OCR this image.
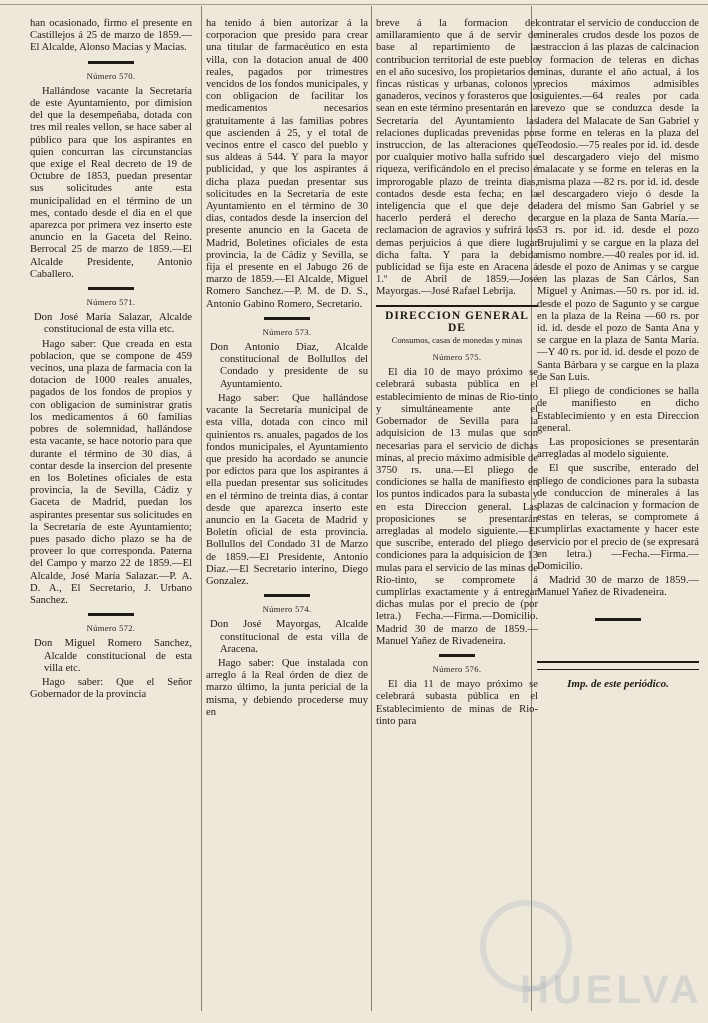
han ocasionado, firmo el presente en Castillejos á 25 de marzo de 1859.—El Alcalde, Alonso Macias y Macias.

Número 570.

Hallándose vacante la Secretaría de este Ayuntamiento, por dimision del que la desempeñaba, dotada con tres mil reales vellon, se hace saber al público para que los aspirantes en quien concurran las circunstancias que exige el Real decreto de 19 de Octubre de 1853, puedan presentar sus solicitudes ante esta municipalidad en el término de un mes, contado desde el dia en el que aparezca por primera vez inserto este anuncio en la Gaceta del Reino. Berrocal 25 de marzo de 1859.—El Alcalde Presidente, Antonio Caballero.

Número 571.

Don José María Salazar, Alcalde constitucional de esta villa etc.

Hago saber: Que creada en esta poblacion, que se compone de 459 vecinos, una plaza de farmacia con la dotacion de 1000 reales anuales, pagados de los fondos de propios y con obligacion de suministrar gratis los medicamentos á 60 familias pobres de solemnidad, hallándose esta vacante, se hace notorio para que durante el término de 30 dias, á contar desde la insercion del presente en los Boletines oficiales de esta provincia, la de Sevilla, Cádiz y Gaceta de Madrid, puedan los aspirantes presentar sus solicitudes en la Secretaría de este Ayuntamiento; pues pasado dicho plazo se ha de proveer lo que corresponda. Paterna del Campo y marzo 22 de 1859.—El Alcalde, José María Salazar.—P. A. D. A., El Secretario, J. Urbano Sanchez.

Número 572.

Don Miguel Romero Sanchez, Alcalde constitucional de esta villa etc.

Hago saber: Que el Señor Gobernador de la provincia

ha tenido á bien autorizar á la corporacion que presido para crear una titular de farmacéutico en esta villa, con la dotacion anual de 400 reales, pagados por trimestres vencidos de los fondos municipales, y con obligacion de facilitar los medicamentos necesarios gratuitamente á las familias pobres que ascienden á 25, y el total de vecinos entre el casco del pueblo y sus aldeas á 544. Y para la mayor publicidad, y que los aspirantes á dicha plaza puedan presentar sus solicitudes en la Secretaría de este Ayuntamiento en el término de 30 dias, contados desde la insercion del presente anuncio en la Gaceta de Madrid, Boletines oficiales de esta provincia, la de Cádiz y Sevilla, se fija el presente en el Jabugo 26 de marzo de 1859.—El Alcalde, Miguel Romero Sanchez.—P. M. de D. S., Antonio Gabino Romero, Secretario.

Número 573.

Don Antonio Diaz, Alcalde constitucional de Bollullos del Condado y presidente de su Ayuntamiento.

Hago saber: Que hallándose vacante la Secretaría municipal de esta villa, dotada con cinco mil quinientos rs. anuales, pagados de los fondos municipales, el Ayuntamiento que presido ha acordado se anuncie por edictos para que los aspirantes á ella puedan presentar sus solicitudes en el término de treinta dias, á contar desde que aparezca inserto este anuncio en la Gaceta de Madrid y Boletín oficial de esta provincia. Bollullos del Condado 31 de Marzo de 1859.—El Presidente, Antonio Diaz.—El Secretario interino, Diego Gonzalez.

Número 574.

Don José Mayorgas, Alcalde constitucional de esta villa de Aracena.

Hago saber: Que instalada con arreglo á la Real órden de diez de marzo último, la junta pericial de la misma, y debiendo procederse muy en

breve á la formacion del amillaramiento que á de servir de base al repartimiento de la contribucion territorial de este pueblo en el año sucesivo, los propietarios de fincas rústicas y urbanas, colonos y ganaderos, vecinos y forasteros que lo sean en este término presentarán en la Secretaría del Ayuntamiento las relaciones duplicadas prevenidas por instruccion, de las alteraciones que por cualquier motivo halla sufrido su riqueza, verificándolo en el preciso é improrogable plazo de treinta dias, contados desde esta fecha; en la inteligencia que el que deje de hacerlo perderá el derecho de reclamacion de agravios y sufrirá los demas perjuicios á que diere lugar dicha falta. Y para la debida publicidad se fija este en Aracena á 1.º de Abril de 1859.—José Mayorgas.—José Rafael Lebrija.

DIRECCION GENERAL DE
Consumos, casas de monedas y minas
Número 575.

El dia 10 de mayo próximo se celebrará subasta pública en el establecimiento de minas de Rio-tinto y simultáneamente ante el Gobernador de Sevilla para la adquisicion de 13 mulas que son necesarias para el servicio de dichas minas, al precio máximo admisible de 3750 rs. una.—El pliego de condiciones se halla de manifiesto en los puntos indicados para la subasta y en esta Direccion general. Las proposiciones se presentarán arregladas al modelo siguiente.—El que suscribe, enterado del pliego de condiciones para la adquisicion de 13 mulas para el servicio de las minas de Rio-tinto, se compromete á cumplirlas exactamente y á entregar dichas mulas por el precio de (por letra.) Fecha.—Firma.—Domicilio. Madrid 30 de marzo de 1859.—Manuel Yañez de Rivadeneira.

Número 576.

El dia 11 de mayo próximo se celebrará subasta pública en el Establecimiento de minas de Rio-tinto para

contratar el servicio de conduccion de minerales crudos desde los pozos de estraccion á las plazas de calcinacion y formacion de teleras en dichas minas, durante el año actual, á los precios máximos admisibles siguientes.—64 reales por cada revezo que se conduzca desde la ladera del Malacate de San Gabriel y se forme en teleras en la plaza del Teodosio.—75 reales por id. id. desde el descargadero viejo del mismo malacate y se forme en teleras en la misma plaza —82 rs. por id. id. desde el descargadero viejo ó desde la ladera del mismo San Gabriel y se cargue en la plaza de Santa María.—53 rs. por id. id. desde el pozo Brujulimi y se cargue en la plaza del mismo nombre.—40 reales por id. id. desde el pozo de Animas y se cargue en las plazas de San Cárlos, San Miguel y Animas.—50 rs. por id. id. desde el pozo de Sagunto y se cargue en la plaza de la Reina —60 rs. por id. id. desde el pozo de Santa Ana y se cargue en la plaza de Santa María.—Y 40 rs. por id. id. desde el pozo de Santa Bárbara y se cargue en la plaza de San Luis.

El pliego de condiciones se halla de manifiesto en dicho Establecimiento y en esta Direccion general.

Las proposiciones se presentarán arregladas al modelo siguiente.

El que suscribe, enterado del pliego de condiciones para la subasta de conduccion de minerales á las plazas de calcinacion y formacion de estas en teleras, se compromete á cumplirlas exactamente y hacer este servicio por el precio de (se expresará en letra.) —Fecha.—Firma.—Domicilio.

Madrid 30 de marzo de 1859.—Manuel Yañez de Rivadeneira.

Imp. de este periódico.
HUELVA
